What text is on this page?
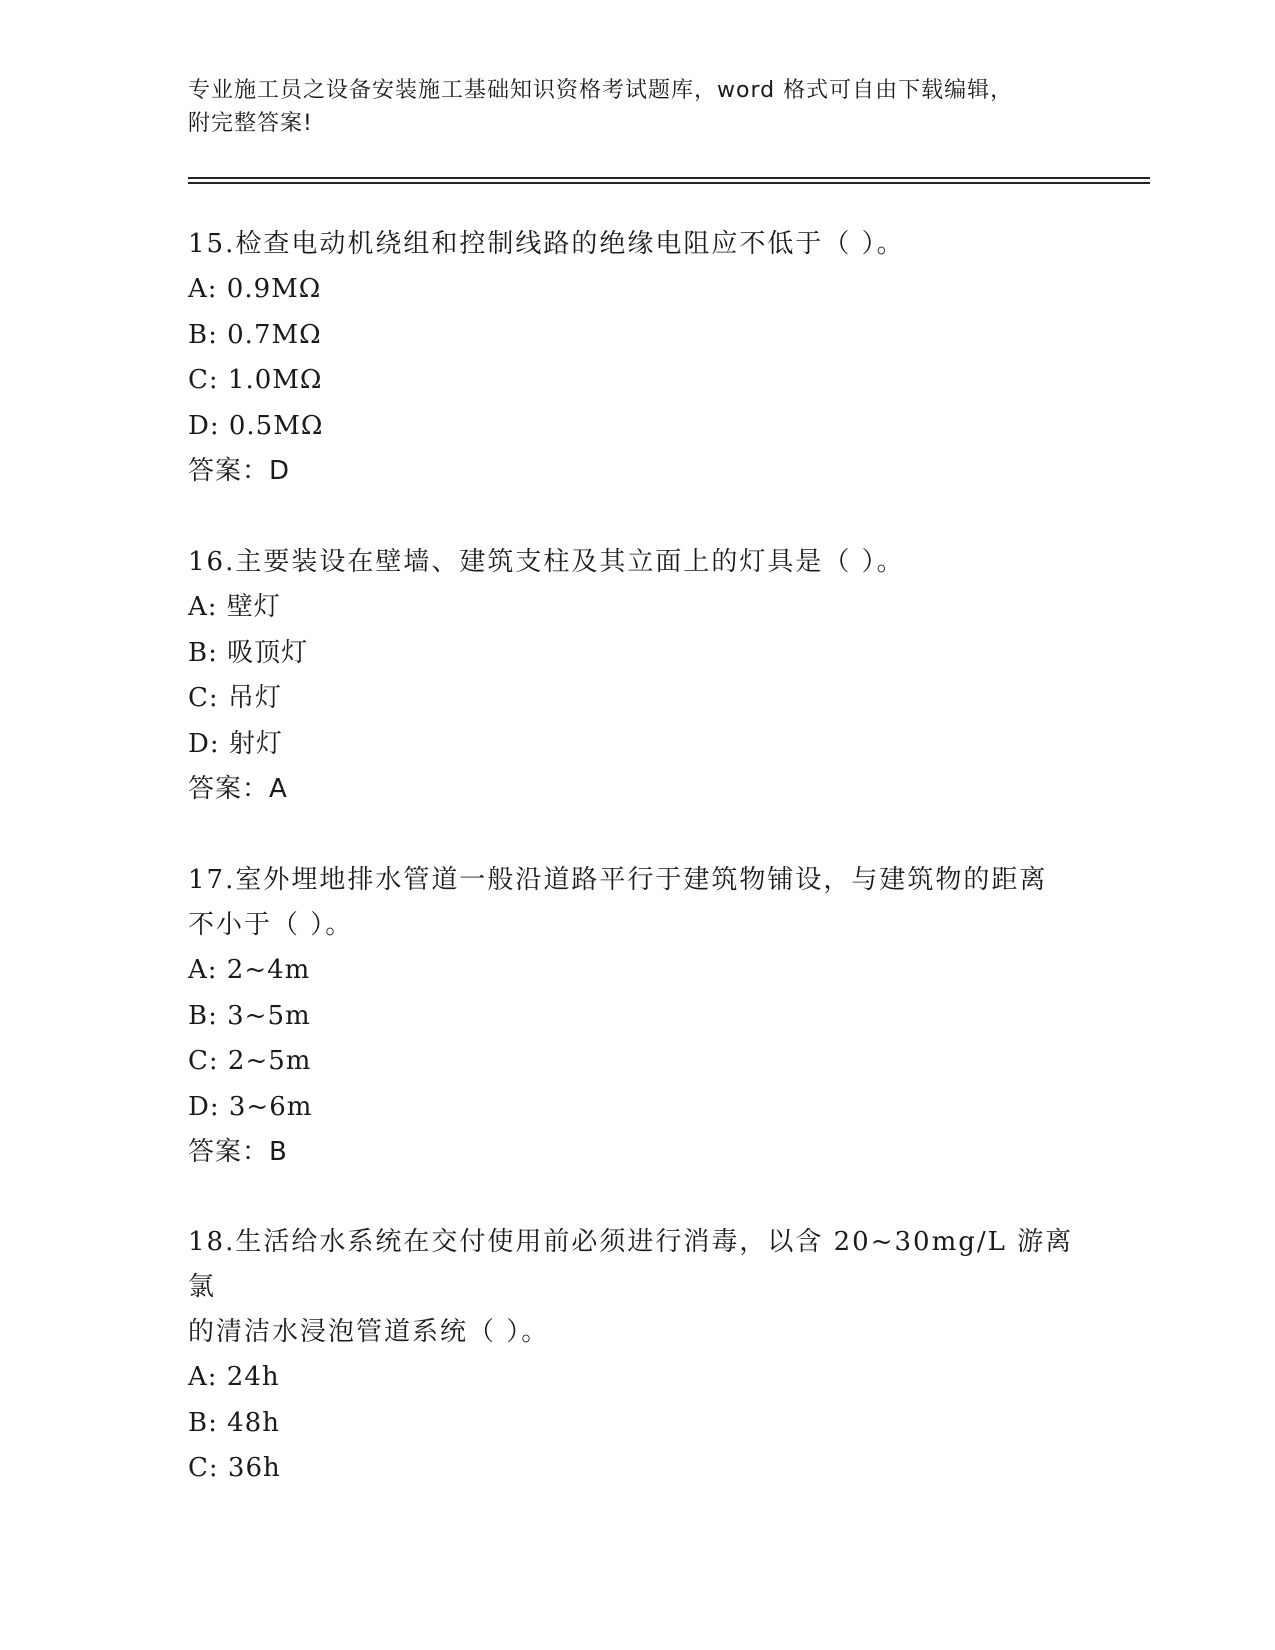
专业施工员之设备安装施工基础知识资格考试题库，word 格式可自由下载编辑，
附完整答案!
15.检查电动机绕组和控制线路的绝缘电阻应不低于（ ）。
A: 0.9MΩ
B: 0.7MΩ
C: 1.0MΩ
D: 0.5MΩ
答案：D
16.主要装设在壁墙、建筑支柱及其立面上的灯具是（ ）。
A: 壁灯
B: 吸顶灯
C: 吊灯
D: 射灯
答案：A
17.室外埋地排水管道一般沿道路平行于建筑物铺设，与建筑物的距离
不小于（ ）。
A: 2~4m
B: 3~5m
C: 2~5m
D: 3~6m
答案：B
18.生活给水系统在交付使用前必须进行消毒，以含 20~30mg/L 游离氯
的清洁水浸泡管道系统（ ）。
A: 24h
B: 48h
C: 36h
